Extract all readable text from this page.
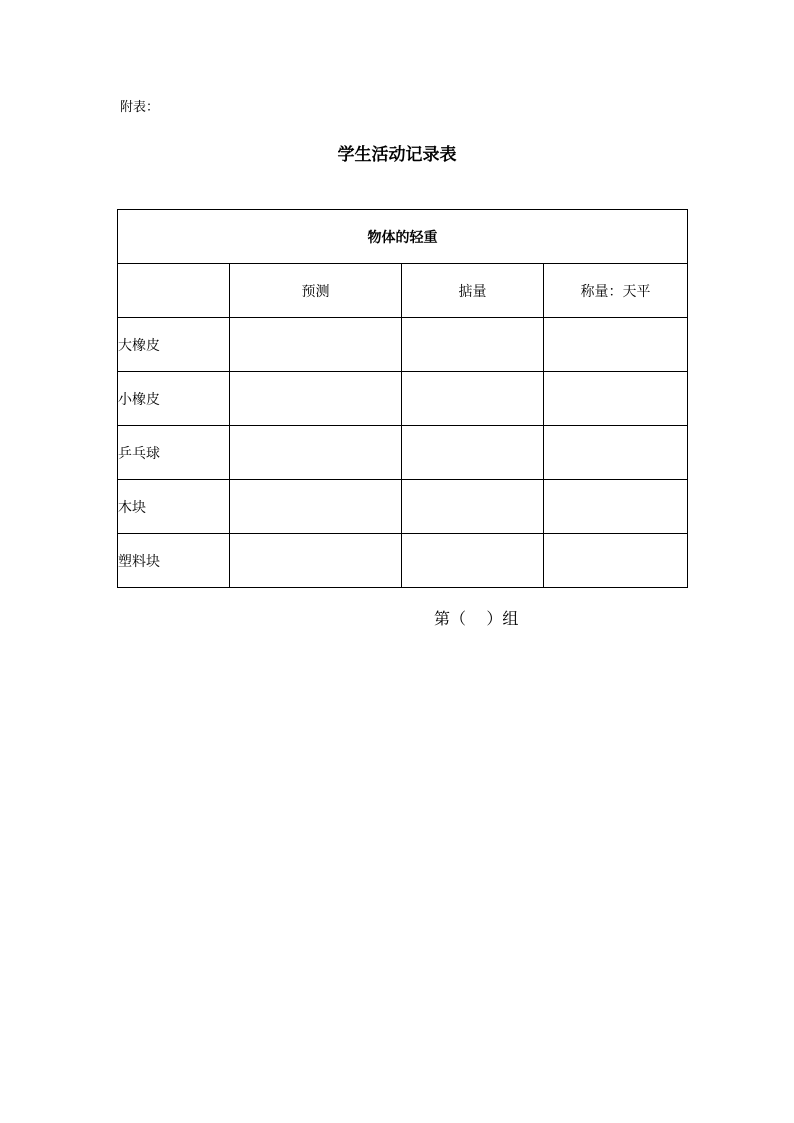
附表：
学生活动记录表
物体的轻重			
	预测	掂量	称量：天平
大橡皮			
小橡皮			
乒乓球			
木块			
塑料块			
第（    ）组
